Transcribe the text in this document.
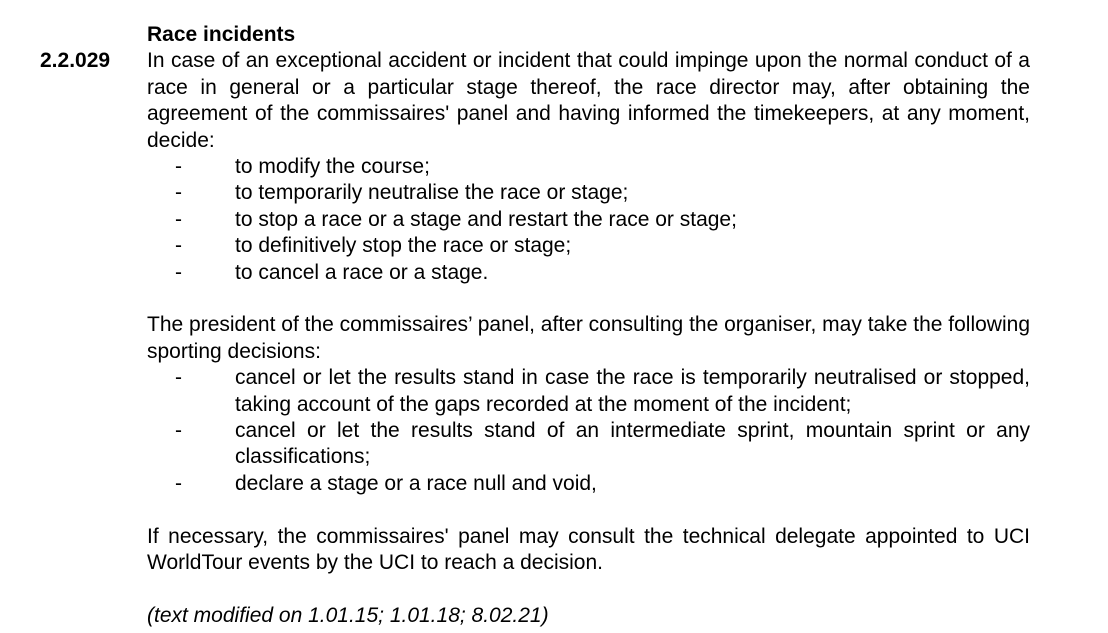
Race incidents
2.2.029 In case of an exceptional accident or incident that could impinge upon the normal conduct of a race in general or a particular stage thereof, the race director may, after obtaining the agreement of the commissaires' panel and having informed the timekeepers, at any moment, decide:

-	to modify the course;
-	to temporarily neutralise the race or stage;
-	to stop a race or a stage and restart the race or stage;
-	to definitively stop the race or stage;
-	to cancel a race or a stage.

The president of the commissaires’ panel, after consulting the organiser, may take the following sporting decisions:

-	cancel or let the results stand in case the race is temporarily neutralised or stopped, taking account of the gaps recorded at the moment of the incident;
-	cancel or let the results stand of an intermediate sprint, mountain sprint or any classifications;
-	declare a stage or a race null and void,

If necessary, the commissaires' panel may consult the technical delegate appointed to UCI WorldTour events by the UCI to reach a decision.

(text modified on 1.01.15; 1.01.18; 8.02.21)
